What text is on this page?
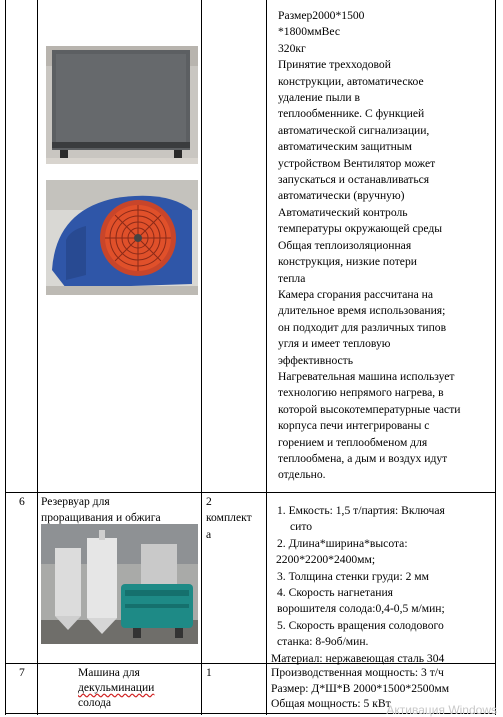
Размер2000*1500
*1800ммВес
320кг
Принятие трехходовой
конструкции, автоматическое
удаление пыли в
теплообменнике. С функцией
автоматической сигнализации,
автоматическим защитным
устройством Вентилятор может
запускаться и останавливаться
автоматически (вручную)
Автоматический контроль
температуры окружающей среды
Общая теплоизоляционная
конструкция, низкие потери
тепла
Камера сгорания рассчитана на
длительное время использования;
он подходит для различных типов
угля и имеет тепловую
эффективность
Нагревательная машина использует
технологию непрямого нагрева, в
которой высокотемпературные части
корпуса печи интегрированы с
горением и теплообменом для
теплообмена, а дым и воздух идут
отдельно.
6 Резервуар для
проращивания и обжига
2
комплект
а
1. Емкость: 1,5 т/партия: Включая
сито
2. Длина*ширина*высота:
2200*2200*2400мм;
3. Толщина стенки груди: 2 мм
4. Скорость нагнетания
ворошителя солода:0,4-0,5 м/мин;
5. Скорость вращения солодового
станка: 8-9об/мин.
Материал: нержавеющая сталь 304
7	Машина для
декульминации
солода
1	Производственная мощность: 3 т/ч
Размер: Д*Ш*В 2000*1500*2500мм
Общая мощность: 5 кВт
Активация Windows
